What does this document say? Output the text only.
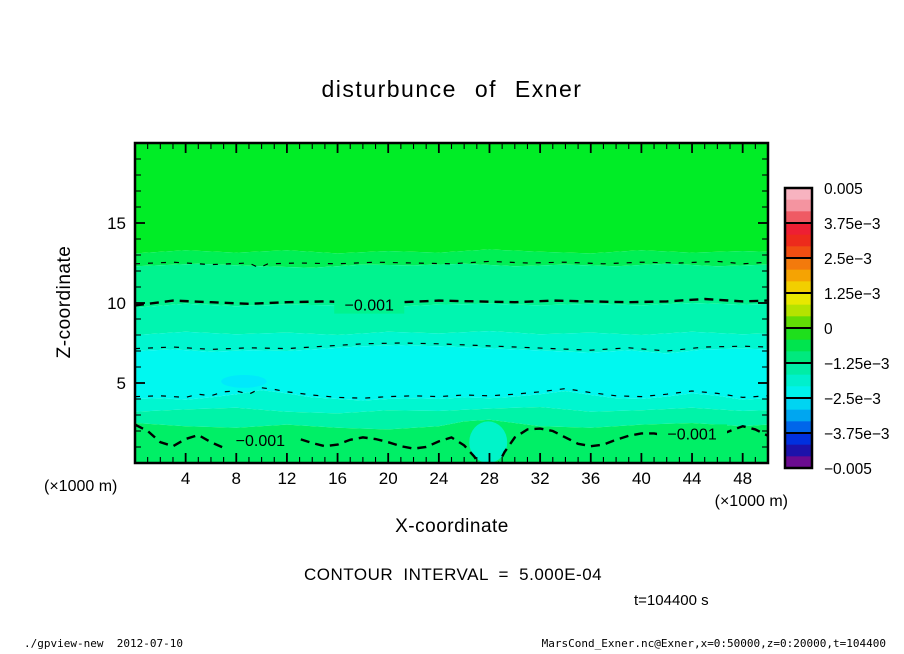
disturbunce of Exner
Z-coordinate	−0.001
−0.001	−0.001
4 8 12 16 20 24 28 32 36 40 44 48
5
10
15
0.005
3.75e−3
2.5e−3
1.25e−3
0
−1.25e−3
−2.5e−3
−3.75e−3
−0.005
(×1000 m)
(×1000 m)
X-coordinate
CONTOUR INTERVAL = 5.000E-04
t=104400 s
./gpview-new  2012-07-10	MarsCond_Exner.nc@Exner,x=0:50000,z=0:20000,t=104400
